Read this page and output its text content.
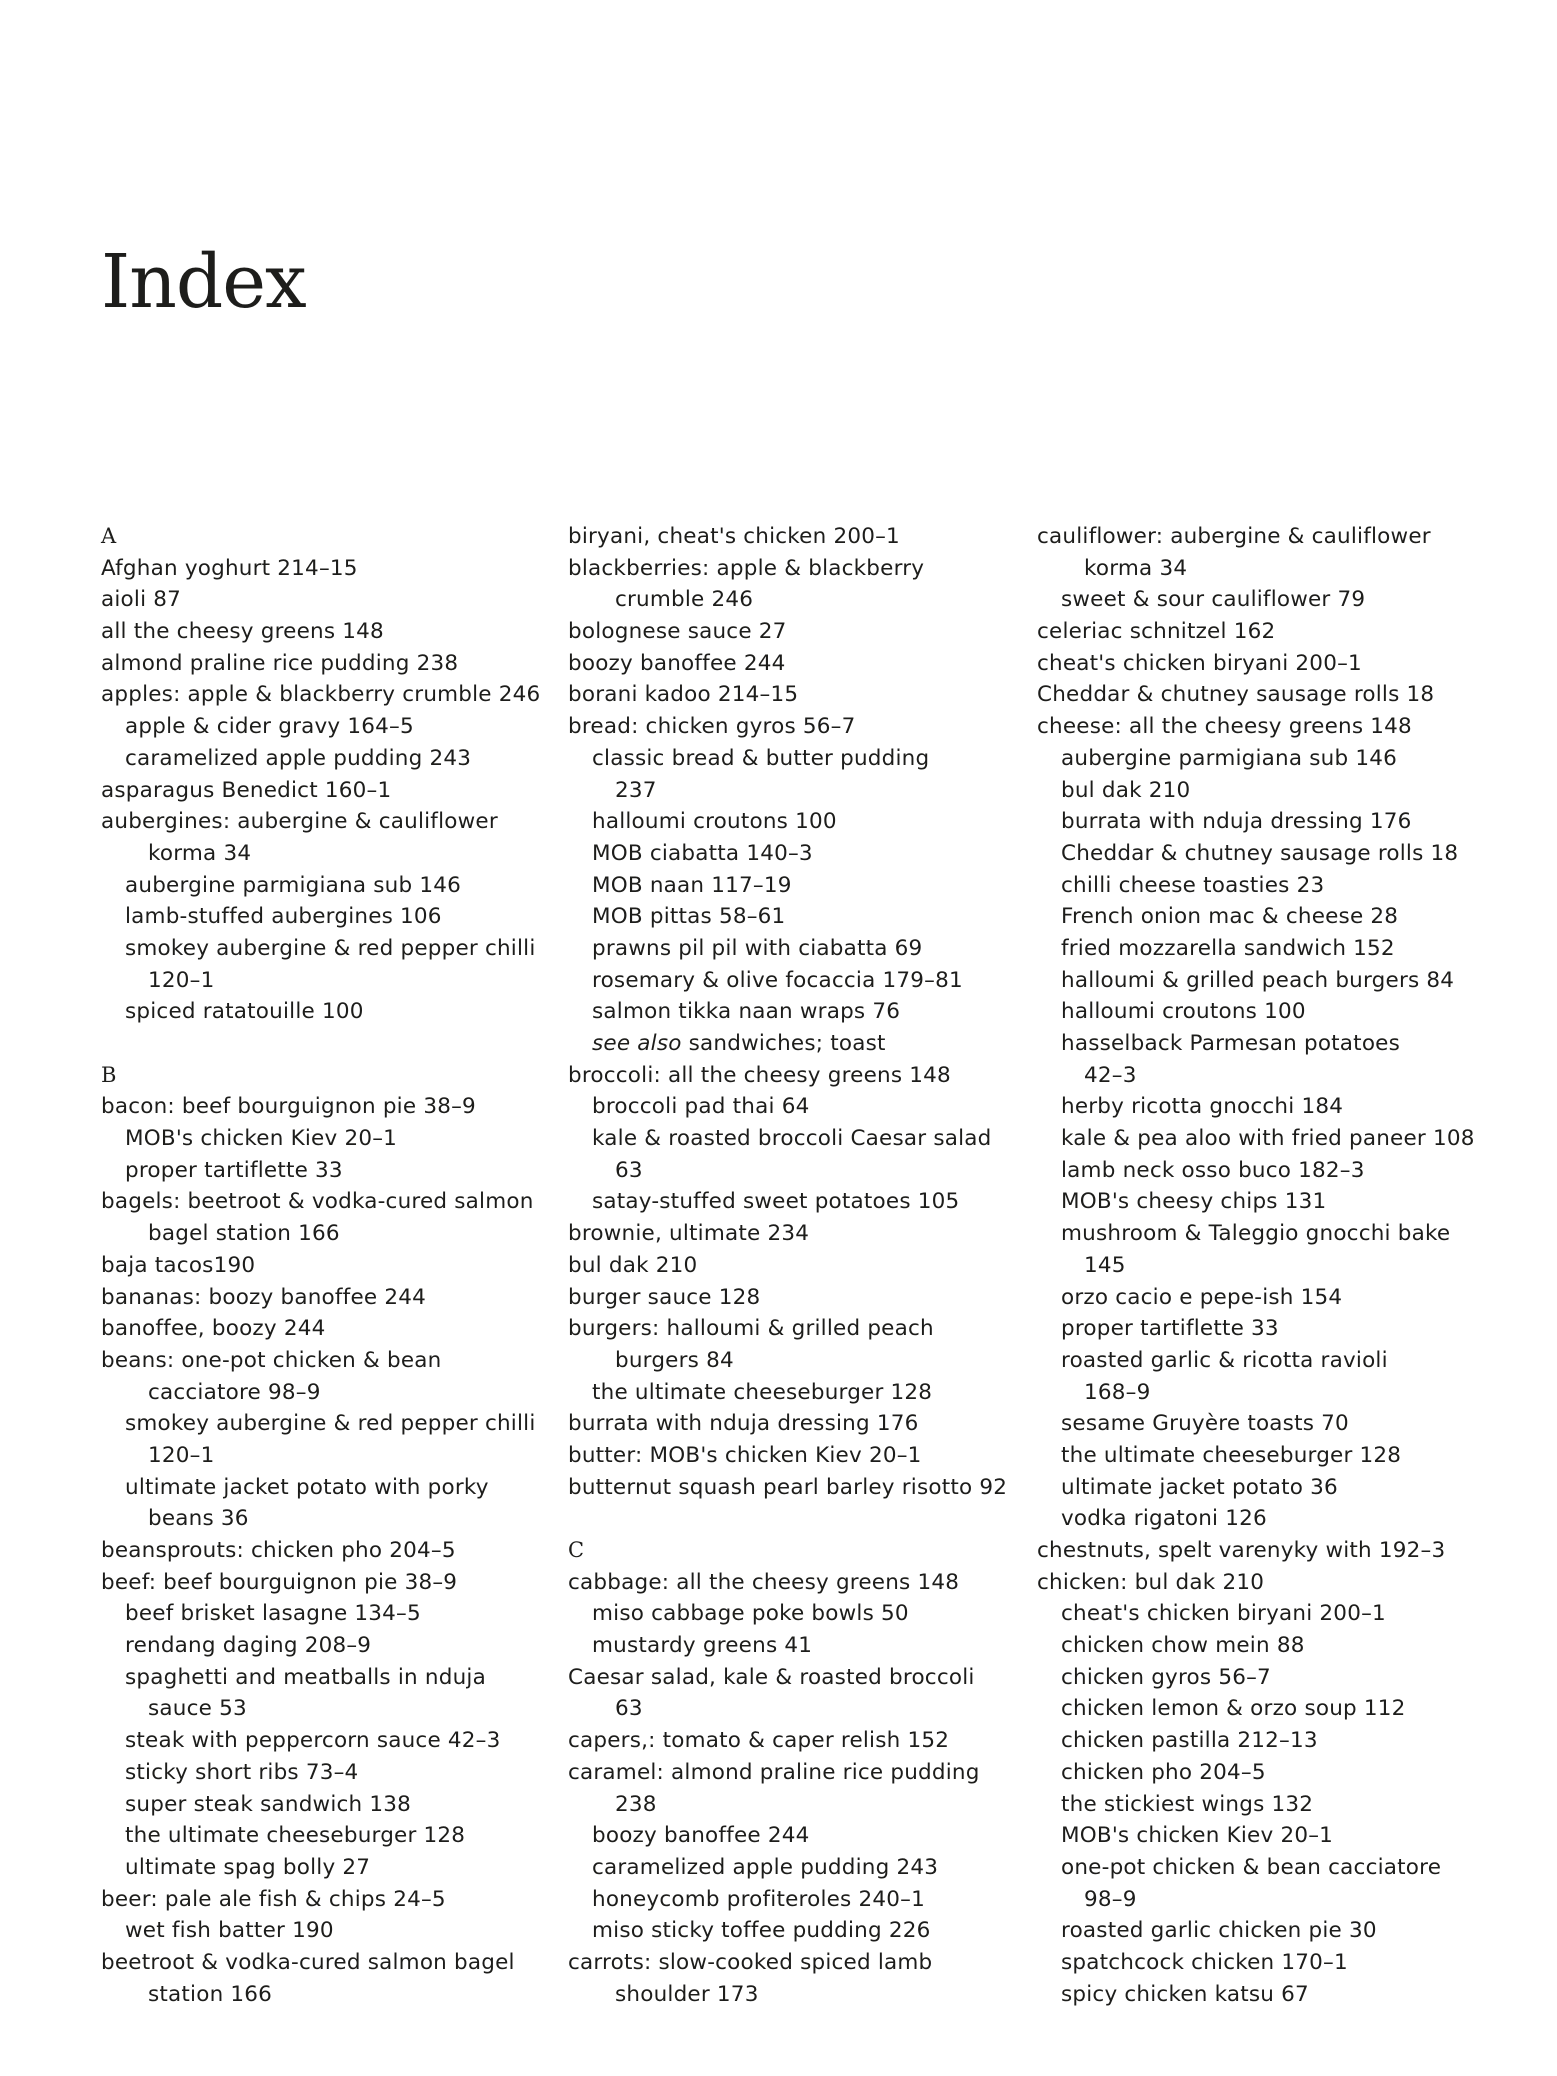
Index
A
Afghan yoghurt 214–15
aioli 87
all the cheesy greens 148
almond praline rice pudding 238
apples: apple & blackberry crumble 246
apple & cider gravy 164–5
caramelized apple pudding 243
asparagus Benedict 160–1
aubergines: aubergine & cauliflower
korma 34
aubergine parmigiana sub 146
lamb-stuffed aubergines 106
smokey aubergine & red pepper chilli
120–1
spiced ratatouille 100
B
bacon: beef bourguignon pie 38–9
MOB's chicken Kiev 20–1
proper tartiflette 33
bagels: beetroot & vodka-cured salmon
bagel station 166
baja tacos190
bananas: boozy banoffee 244
banoffee, boozy 244
beans: one-pot chicken & bean
cacciatore 98–9
smokey aubergine & red pepper chilli
120–1
ultimate jacket potato with porky
beans 36
beansprouts: chicken pho 204–5
beef: beef bourguignon pie 38–9
beef brisket lasagne 134–5
rendang daging 208–9
spaghetti and meatballs in nduja
sauce 53
steak with peppercorn sauce 42–3
sticky short ribs 73–4
super steak sandwich 138
the ultimate cheeseburger 128
ultimate spag bolly 27
beer: pale ale fish & chips 24–5
wet fish batter 190
beetroot & vodka-cured salmon bagel
station 166
biryani, cheat's chicken 200–1
blackberries: apple & blackberry
crumble 246
bolognese sauce 27
boozy banoffee 244
borani kadoo 214–15
bread: chicken gyros 56–7
classic bread & butter pudding
237
halloumi croutons 100
MOB ciabatta 140–3
MOB naan 117–19
MOB pittas 58–61
prawns pil pil with ciabatta 69
rosemary & olive focaccia 179–81
salmon tikka naan wraps 76
see also sandwiches; toast
broccoli: all the cheesy greens 148
broccoli pad thai 64
kale & roasted broccoli Caesar salad
63
satay-stuffed sweet potatoes 105
brownie, ultimate 234
bul dak 210
burger sauce 128
burgers: halloumi & grilled peach
burgers 84
the ultimate cheeseburger 128
burrata with nduja dressing 176
butter: MOB's chicken Kiev 20–1
butternut squash pearl barley risotto 92
C
cabbage: all the cheesy greens 148
miso cabbage poke bowls 50
mustardy greens 41
Caesar salad, kale & roasted broccoli
63
capers,: tomato & caper relish 152
caramel: almond praline rice pudding
238
boozy banoffee 244
caramelized apple pudding 243
honeycomb profiteroles 240–1
miso sticky toffee pudding 226
carrots: slow-cooked spiced lamb
shoulder 173
cauliflower: aubergine & cauliflower
korma 34
sweet & sour cauliflower 79
celeriac schnitzel 162
cheat's chicken biryani 200–1
Cheddar & chutney sausage rolls 18
cheese: all the cheesy greens 148
aubergine parmigiana sub 146
bul dak 210
burrata with nduja dressing 176
Cheddar & chutney sausage rolls 18
chilli cheese toasties 23
French onion mac & cheese 28
fried mozzarella sandwich 152
halloumi & grilled peach burgers 84
halloumi croutons 100
hasselback Parmesan potatoes
42–3
herby ricotta gnocchi 184
kale & pea aloo with fried paneer 108
lamb neck osso buco 182–3
MOB's cheesy chips 131
mushroom & Taleggio gnocchi bake
145
orzo cacio e pepe-ish 154
proper tartiflette 33
roasted garlic & ricotta ravioli
168–9
sesame Gruyère toasts 70
the ultimate cheeseburger 128
ultimate jacket potato 36
vodka rigatoni 126
chestnuts, spelt varenyky with 192–3
chicken: bul dak 210
cheat's chicken biryani 200–1
chicken chow mein 88
chicken gyros 56–7
chicken lemon & orzo soup 112
chicken pastilla 212–13
chicken pho 204–5
the stickiest wings 132
MOB's chicken Kiev 20–1
one-pot chicken & bean cacciatore
98–9
roasted garlic chicken pie 30
spatchcock chicken 170–1
spicy chicken katsu 67
